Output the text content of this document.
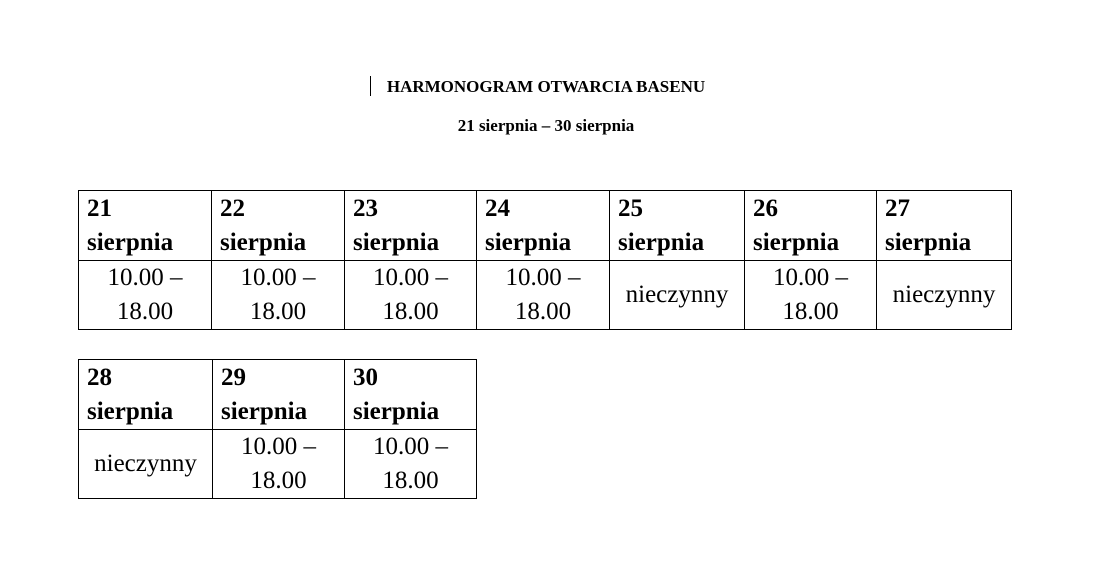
HARMONOGRAM OTWARCIA BASENU
21 sierpnia – 30 sierpnia
21
sierpnia	22
sierpnia	23
sierpnia	24
sierpnia	25
sierpnia	26
sierpnia	27
sierpnia

10.00 –
18.00	10.00 –
18.00	10.00 –
18.00	10.00 –
18.00	nieczynny	10.00 –
18.00	nieczynny
28
sierpnia	29
sierpnia	30
sierpnia

nieczynny	10.00 –
18.00	10.00 –
18.00
